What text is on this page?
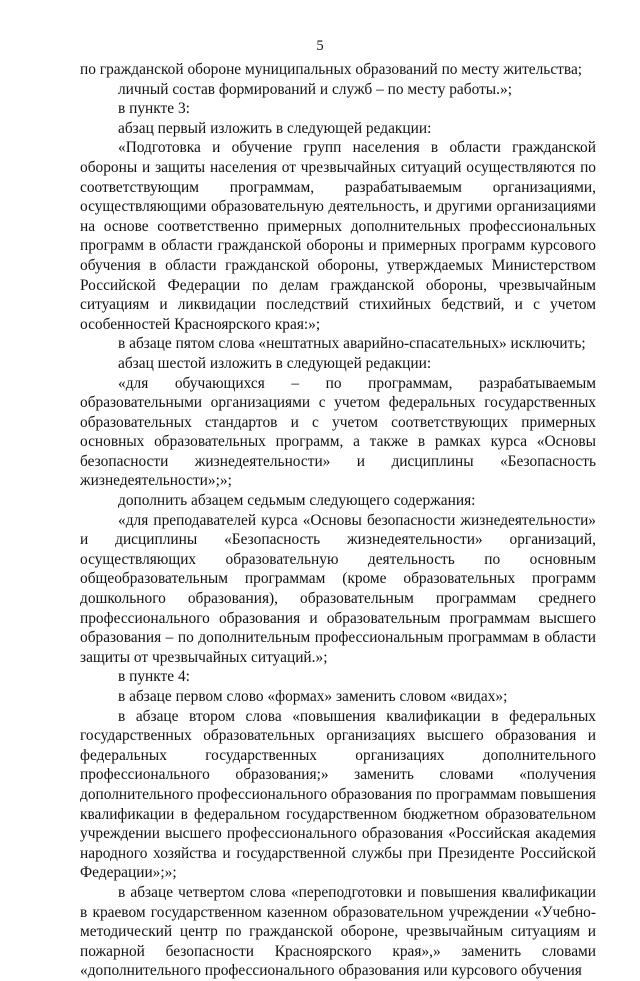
5

по гражданской обороне муниципальных образований по месту жительства;

личный состав формирований и служб – по месту работы.»;

в пункте 3:

абзац первый изложить в следующей редакции:

«Подготовка и обучение групп населения в области гражданской обороны и защиты населения от чрезвычайных ситуаций осуществляются по соответствующим программам, разрабатываемым организациями, осуществляющими образовательную деятельность, и другими организациями на основе соответственно примерных дополнительных профессиональных программ в области гражданской обороны и примерных программ курсового обучения в области гражданской обороны, утверждаемых Министерством Российской Федерации по делам гражданской обороны, чрезвычайным ситуациям и ликвидации последствий стихийных бедствий, и с учетом особенностей Красноярского края:»;

в абзаце пятом слова «нештатных аварийно-спасательных» исключить;

абзац шестой изложить в следующей редакции:

«для обучающихся – по программам, разрабатываемым образовательными организациями с учетом федеральных государственных образовательных стандартов и с учетом соответствующих примерных основных образовательных программ, а также в рамках курса «Основы безопасности жизнедеятельности» и дисциплины «Безопасность жизнедеятельности»;»;

дополнить абзацем седьмым следующего содержания:

«для преподавателей курса «Основы безопасности жизнедеятельности» и дисциплины «Безопасность жизнедеятельности» организаций, осуществляющих образовательную деятельность по основным общеобразовательным программам (кроме образовательных программ дошкольного образования), образовательным программам среднего профессионального образования и образовательным программам высшего образования – по дополнительным профессиональным программам в области защиты от чрезвычайных ситуаций.»;

в пункте 4:

в абзаце первом слово «формах» заменить словом «видах»;

в абзаце втором слова «повышения квалификации в федеральных государственных образовательных организациях высшего образования и федеральных государственных организациях дополнительного профессионального образования;» заменить словами «получения дополнительного профессионального образования по программам повышения квалификации в федеральном государственном бюджетном образовательном учреждении высшего профессионального образования «Российская академия народного хозяйства и государственной службы при Президенте Российской Федерации»;»;

в абзаце четвертом слова «переподготовки и повышения квалификации в краевом государственном казенном образовательном учреждении «Учебно-методический центр по гражданской обороне, чрезвычайным ситуациям и пожарной безопасности Красноярского края»,» заменить словами «дополнительного профессионального образования или курсового обучения
